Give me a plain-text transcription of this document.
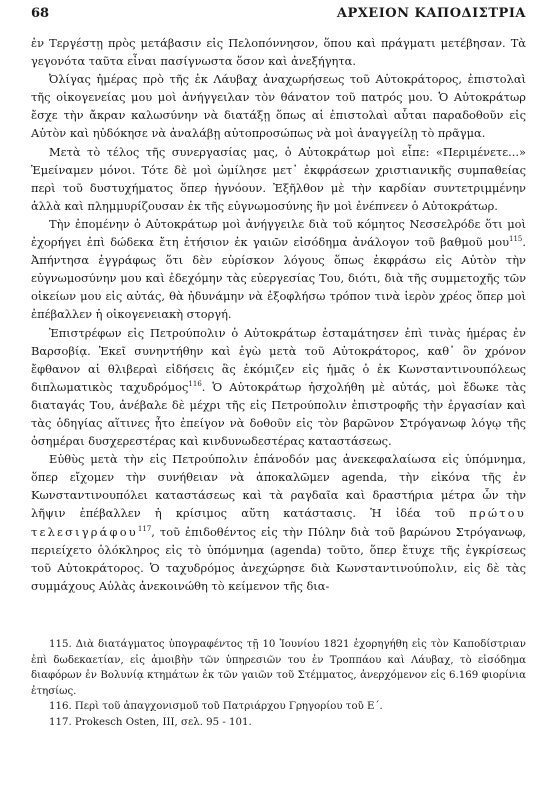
68	ΑΡΧΕΙΟΝ ΚΑΠΟΔΙΣΤΡΙΑ

ἐν Τεργέστῃ πρὸς μετάβασιν εἰς Πελοπόννησον, ὅπου καὶ πράγματι μετέβησαν. Τὰ γεγονότα ταῦτα εἶναι πασίγνωστα ὅσον καὶ ἀνεξήγητα.

Ὀλίγας ἡμέρας πρὸ τῆς ἐκ Λάυβαχ ἀναχωρήσεως τοῦ Αὐτοκράτορος, ἐπιστολαὶ τῆς οἰκογενείας μου μοὶ ἀνήγγειλαν τὸν θάνατον τοῦ πατρός μου. Ὁ Αὐτοκράτωρ ἔσχε τὴν ἄκραν καλωσύνην νὰ διατάξῃ ὅπως αἱ ἐπιστολαὶ αὗται παραδοθοῦν εἰς Αὐτὸν καὶ ηὐδόκησε νὰ ἀναλάβῃ αὐτοπροσώπως νὰ μοὶ ἀναγγείλῃ τὸ πρᾶγμα.

Μετὰ τὸ τέλος τῆς συνεργασίας μας, ὁ Αὐτοκράτωρ μοὶ εἶπε: «Περιμένετε...» Ἐμείναμεν μόνοι. Τότε δὲ μοὶ ὡμίλησε μετ᾽ ἐκφράσεων χριστιανικῆς συμπαθείας περὶ τοῦ δυστυχήματος ὅπερ ἠγνόουν. Ἐξῆλθον μὲ τὴν καρδίαν συντετριμμένην ἀλλὰ καὶ πλημμυρίζουσαν ἐκ τῆς εὐγνωμοσύνης ἣν μοὶ ἐνέπνεεν ὁ Αὐτοκράτωρ.

Τὴν ἐπομένην ὁ Αὐτοκράτωρ μοὶ ἀνήγγειλε διὰ τοῦ κόμητος Νεσσελρόδε ὅτι μοὶ ἐχορήγει ἐπὶ δώδεκα ἔτη ἐτήσιον ἐκ γαιῶν εἰσόδημα ἀνάλογον τοῦ βαθμοῦ μου$^{115}$. Ἀπήντησα ἐγγράφως ὅτι δὲν εὑρίσκον λόγους ὅπως ἐκφράσω εἰς Αὐτὸν τὴν εὐγνωμοσύνην μου καὶ ἐδεχόμην τὰς εὐεργεσίας Του, διότι, διὰ τῆς συμμετοχῆς τῶν οἰκείων μου εἰς αὐτάς, θὰ ἠδυνάμην νὰ ἐξοφλήσω τρόπον τινὰ ἱερὸν χρέος ὅπερ μοὶ ἐπέβαλλεν ἡ οἰκογενειακὴ στοργή.

Ἐπιστρέφων εἰς Πετρούπολιν ὁ Αὐτοκράτωρ ἐσταμάτησεν ἐπὶ τινὰς ἡμέρας ἐν Βαρσοβίᾳ. Ἐκεῖ συνηντήθην καὶ ἐγὼ μετὰ τοῦ Αὐτοκράτορος, καθ᾽ ὃν χρόνον ἔφθανον αἱ θλιβεραὶ εἰδήσεις ἃς ἐκόμιζεν εἰς ἡμᾶς ὁ ἐκ Κωνσταντινουπόλεως διπλωματικὸς ταχυδρόμος$^{116}$. Ὁ Αὐτοκράτωρ ἠσχολήθη μὲ αὐτάς, μοὶ ἔδωκε τὰς διαταγάς Του, ἀνέβαλε δὲ μέχρι τῆς εἰς Πετρούπολιν ἐπιστροφῆς τὴν ἐργασίαν καὶ τὰς ὁδηγίας αἵτινες ἦτο ἐπείγον νὰ δοθοῦν εἰς τὸν βαρῶνον Στρόγανωφ λόγῳ τῆς ὁσημέραι δυσχερεστέρας καὶ κινδυνωδεστέρας καταστάσεως.

Εὐθὺς μετὰ τὴν εἰς Πετρούπολιν ἐπάνοδόν μας ἀνεκεφαλαίωσα εἰς ὑπόμνημα, ὅπερ εἴχομεν τὴν συνήθειαν νὰ ἀποκαλῶμεν agenda, τὴν εἰκόνα τῆς ἐν Κωνσταντινουπόλει καταστάσεως καὶ τὰ ραγδαῖα καὶ δραστήρια μέτρα ὧν τὴν λῆψιν ἐπέβαλλεν ἡ κρίσιμος αὕτη κατάστασις. Ἡ ἰδέα τοῦ πρώτου τελεσιγράφου$^{117}$, τοῦ ἐπιδοθέντος εἰς τὴν Πύλην διὰ τοῦ βαρώνου Στρόγανωφ, περιείχετο ὁλόκληρος εἰς τὸ ὑπόμνημα (agenda) τοῦτο, ὅπερ ἔτυχε τῆς ἐγκρίσεως τοῦ Αὐτοκράτορος. Ὁ ταχυδρόμος ἀνεχώρησε διὰ Κωνσταντινούπολιν, εἰς δὲ τὰς συμμάχους Αὐλὰς ἀνεκοινώθη τὸ κείμενον τῆς δια-

115. Διὰ διατάγματος ὑπογραφέντος τῇ 10 Ἰουνίου 1821 ἐχορηγήθη εἰς τὸν Καποδίστριαν ἐπὶ δωδεκαετίαν, εἰς ἀμοιβὴν τῶν ὑπηρεσιῶν του ἐν Τροππάου καὶ Λάυβαχ, τὸ εἰσόδημα διαφόρων ἐν Βολυνίᾳ κτημάτων ἐκ τῶν γαιῶν τοῦ Στέμματος, ἀνερχόμενον εἰς 6.169 φιορίνια ἐτησίως.

116. Περὶ τοῦ ἀπαγχονισμοῦ τοῦ Πατριάρχου Γρηγορίου τοῦ Ε΄.

117. Prokesch Osten, III, σελ. 95 - 101.
